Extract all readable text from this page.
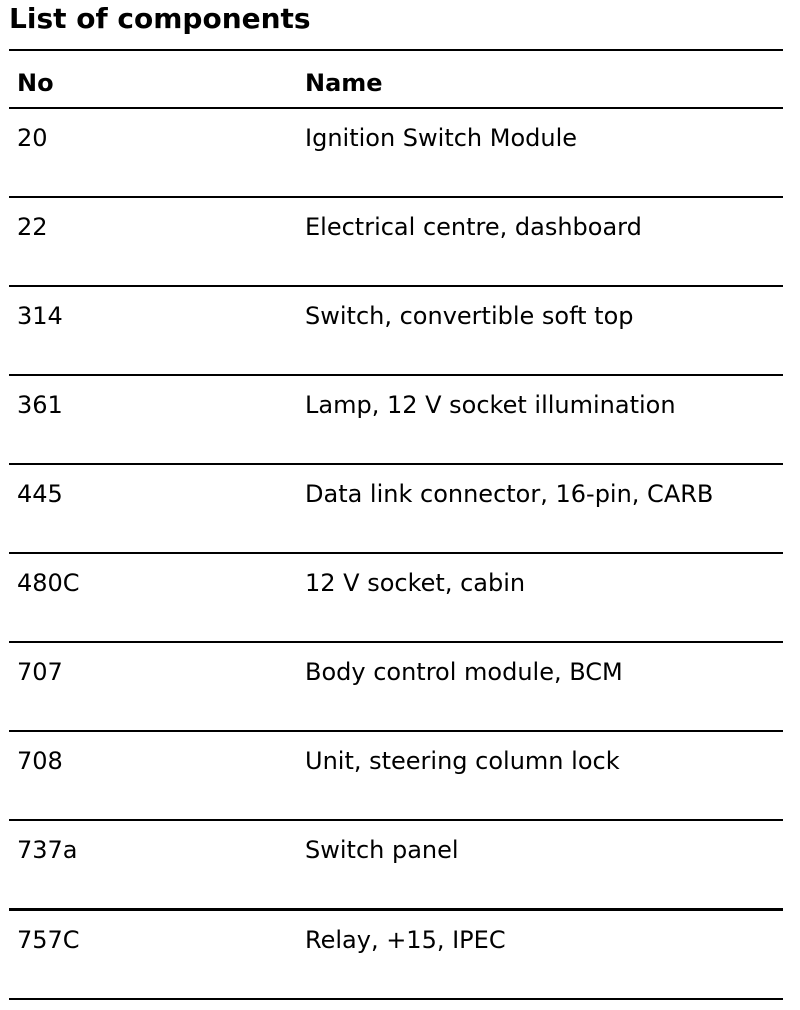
List of components
No	Name
20	Ignition Switch Module
22	Electrical centre, dashboard
314	Switch, convertible soft top
361	Lamp, 12 V socket illumination
445	Data link connector, 16-pin, CARB
480C	12 V socket, cabin
707	Body control module, BCM
708	Unit, steering column lock
737a	Switch panel
757C	Relay, +15, IPEC
